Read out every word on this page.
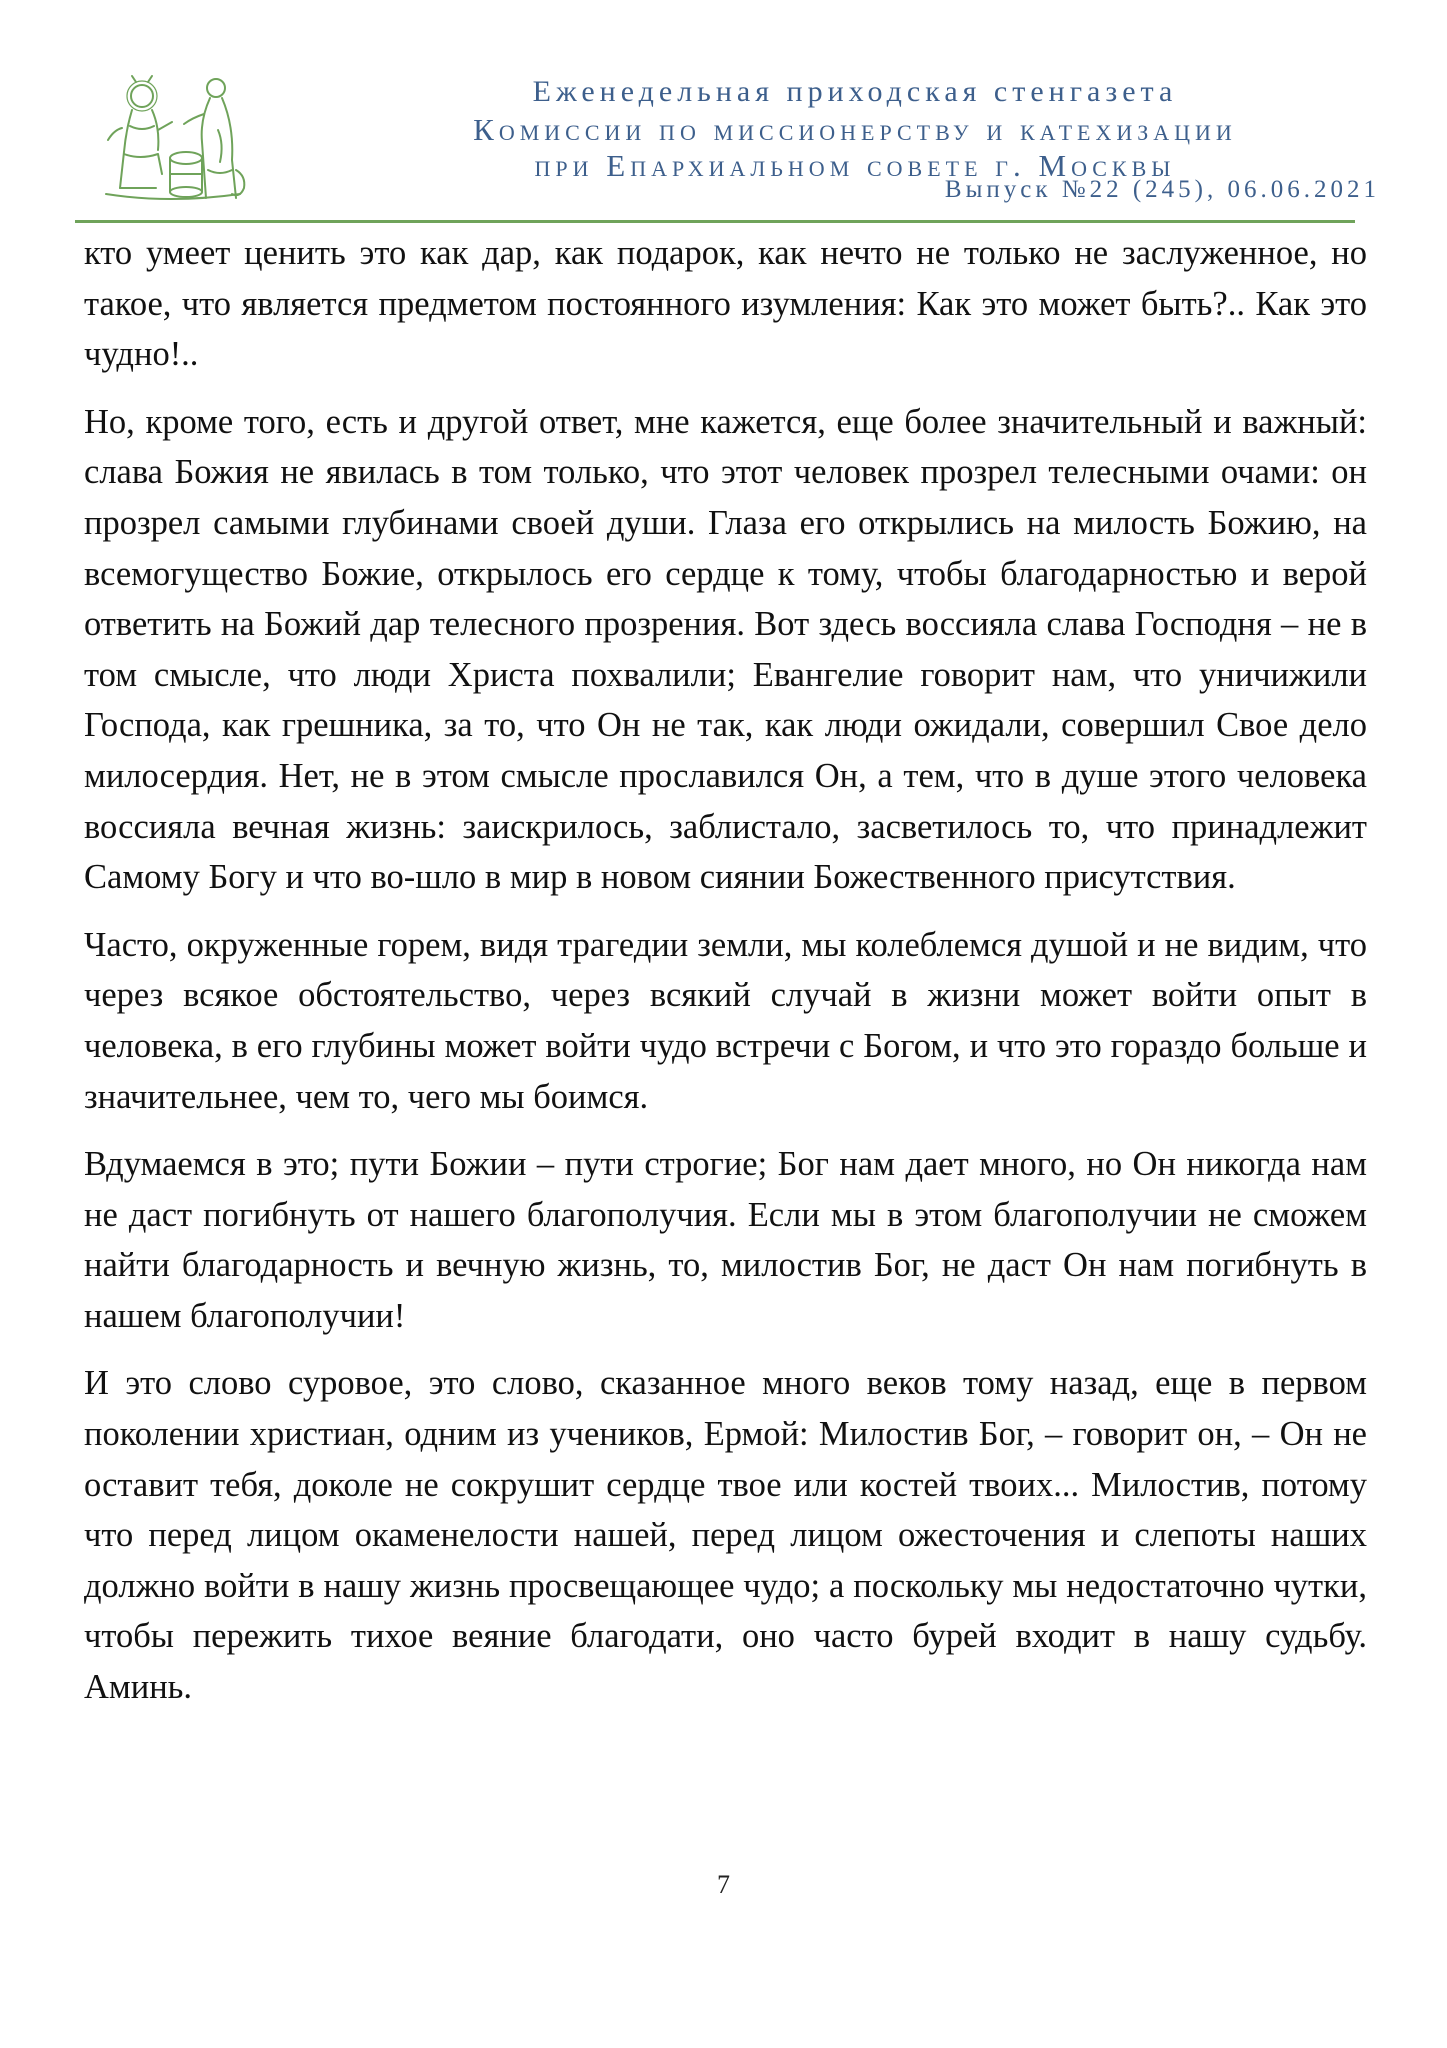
Еженедельная приходская стенгазета
Комиссии по миссионерству и катехизации
при Епархиальном совете г. Москвы
Выпуск №22 (245), 06.06.2021

кто умеет ценить это как дар, как подарок, как нечто не только не заслуженное, но такое, что является предметом постоянного изумления: Как это может быть?.. Как это чудно!..

Но, кроме того, есть и другой ответ, мне кажется, еще более значительный и важный: слава Божия не явилась в том только, что этот человек прозрел телесными очами: он прозрел самыми глубинами своей души. Глаза его открылись на милость Божию, на всемогущество Божие, открылось его сердце к тому, чтобы благодарностью и верой ответить на Божий дар телесного прозрения. Вот здесь воссияла слава Господня – не в том смысле, что люди Христа похвалили; Евангелие говорит нам, что уничижили Господа, как грешника, за то, что Он не так, как люди ожидали, совершил Свое дело милосердия. Нет, не в этом смысле прославился Он, а тем, что в душе этого человека воссияла вечная жизнь: заискрилось, заблистало, засветилось то, что принадлежит Самому Богу и что во-шло в мир в новом сиянии Божественного присутствия.

Часто, окруженные горем, видя трагедии земли, мы колеблемся душой и не видим, что через всякое обстоятельство, через всякий случай в жизни может войти опыт в человека, в его глубины может войти чудо встречи с Богом, и что это гораздо больше и значительнее, чем то, чего мы боимся.

Вдумаемся в это; пути Божии – пути строгие; Бог нам дает много, но Он никогда нам не даст погибнуть от нашего благополучия. Если мы в этом благополучии не сможем найти благодарность и вечную жизнь, то, милостив Бог, не даст Он нам погибнуть в нашем благополучии!

И это слово суровое, это слово, сказанное много веков тому назад, еще в первом поколении христиан, одним из учеников, Ермой: Милостив Бог, – говорит он, – Он не оставит тебя, доколе не сокрушит сердце твое или костей твоих... Милостив, потому что перед лицом окаменелости нашей, перед лицом ожесточения и слепоты наших должно войти в нашу жизнь просвещающее чудо; а поскольку мы недостаточно чутки, чтобы пережить тихое веяние благодати, оно часто бурей входит в нашу судьбу. Аминь.

7
